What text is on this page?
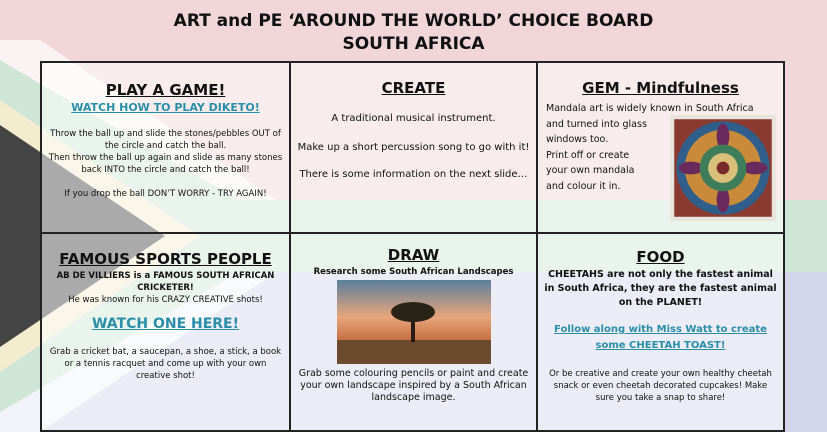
ART and PE ‘AROUND THE WORLD’ CHOICE BOARD
SOUTH AFRICA
PLAY A GAME!
WATCH HOW TO PLAY DIKETO!

Throw the ball up and slide the stones/pebbles OUT of the circle and catch the ball.

Then throw the ball up again and slide as many stones back INTO the circle and catch the ball!

If you drop the ball DON’T WORRY - TRY AGAIN!

CREATE

A traditional musical instrument.

Make up a short percussion song to go with it!

There is some information on the next slide…

GEM - Mindfulness

Mandala art is widely known in South Africa

and turned into glass

windows too.

Print off or create

your own mandala

and colour it in.

FAMOUS SPORTS PEOPLE

AB DE VILLIERS is a FAMOUS SOUTH AFRICAN CRICKETER!

He was known for his CRAZY CREATIVE shots!

WATCH ONE HERE!

Grab a cricket bat, a saucepan, a shoe, a stick, a book or a tennis racquet and come up with your own creative shot!

DRAW

Research some South African Landscapes

Grab some colouring pencils or paint and create your own landscape inspired by a South African landscape image.

FOOD

CHEETAHS are not only the fastest animal in South Africa, they are the fastest animal on the PLANET!

Follow along with Miss Watt to create some CHEETAH TOAST!

Or be creative and create your own healthy cheetah snack or even cheetah decorated cupcakes! Make sure you take a snap to share!
